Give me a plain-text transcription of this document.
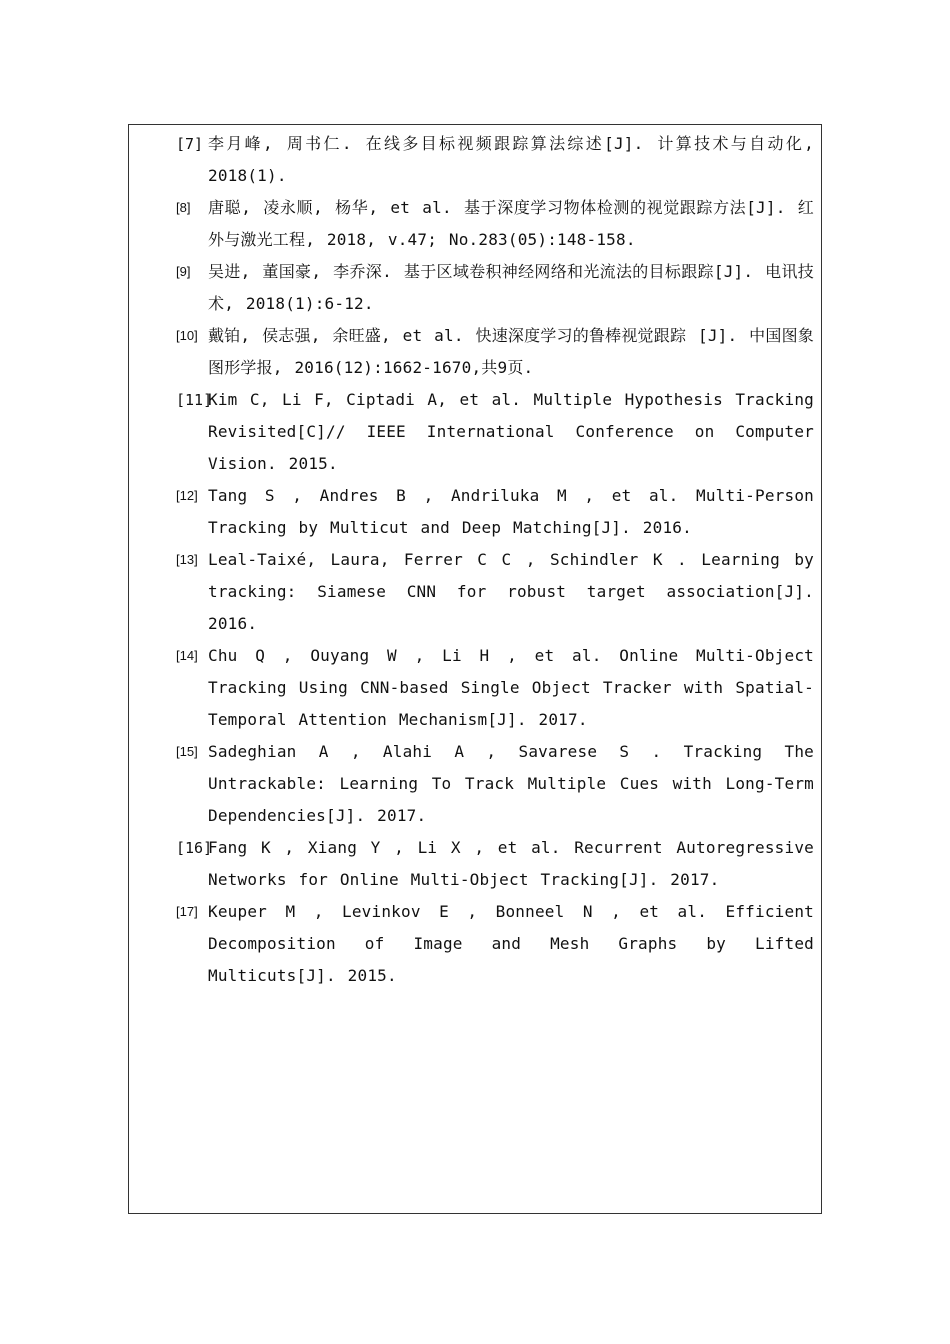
[7] 李月峰, 周书仁. 在线多目标视频跟踪算法综述[J]. 计算技术与自动化, 2018(1).
[8] 唐聪, 凌永顺, 杨华, et al. 基于深度学习物体检测的视觉跟踪方法[J]. 红外与激光工程, 2018, v.47; No.283(05):148-158.
[9] 吴进, 董国豪, 李乔深. 基于区域卷积神经网络和光流法的目标跟踪[J]. 电讯技术, 2018(1):6-12.
[10] 戴铂, 侯志强, 余旺盛, et al. 快速深度学习的鲁棒视觉跟踪 [J]. 中国图象图形学报, 2016(12):1662-1670,共9页.
[11]
Kim C, Li F, Ciptadi A, et al. Multiple Hypothesis Tracking Revisited[C]// IEEE International Conference on Computer Vision. 2015.
[12] Tang S , Andres B , Andriluka M , et al. Multi-Person Tracking by Multicut and Deep Matching[J]. 2016.
[13] Leal-Taixé, Laura, Ferrer C C , Schindler K . Learning by tracking: Siamese CNN for robust target association[J]. 2016.
[14] Chu Q , Ouyang W , Li H , et al. Online Multi-Object Tracking Using CNN-based Single Object Tracker with Spatial-Temporal Attention Mechanism[J]. 2017.
[15] Sadeghian A , Alahi A , Savarese S . Tracking The Untrackable: Learning To Track Multiple Cues with Long-Term Dependencies[J]. 2017.
[16]
Fang K , Xiang Y , Li X , et al. Recurrent Autoregressive Networks for Online Multi-Object Tracking[J]. 2017.
[17] Keuper M , Levinkov E , Bonneel N , et al. Efficient Decomposition of Image and Mesh Graphs by Lifted Multicuts[J]. 2015.
